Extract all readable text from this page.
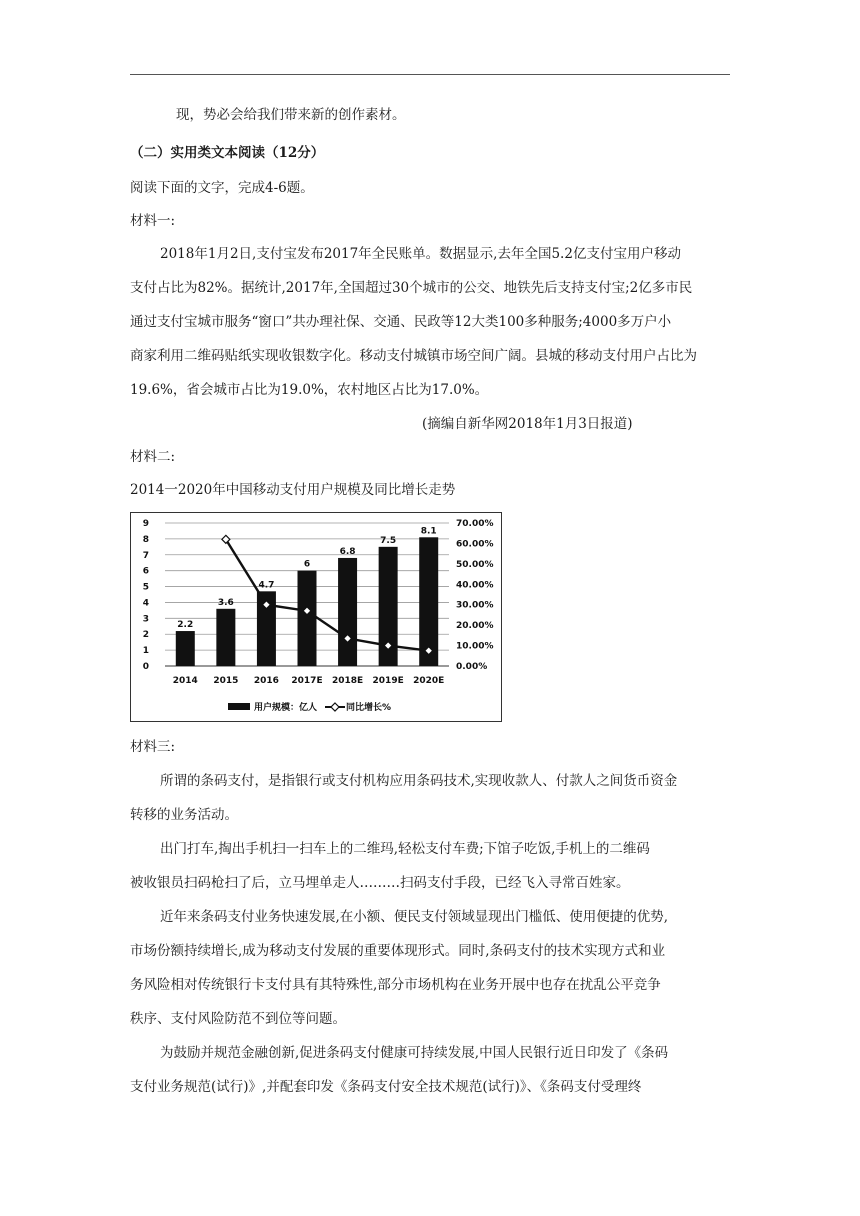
现，势必会给我们带来新的创作素材。
（二）实用类文本阅读（12分）
阅读下面的文字，完成4-6题。
材料一:
2018年1月2日,支付宝发布2017年全民账单。数据显示,去年全国5.2亿支付宝用户移动
支付占比为82%。据统计,2017年,全国超过30个城市的公交、地铁先后支持支付宝;2亿多市民
通过支付宝城市服务“窗口”共办理社保、交通、民政等12大类100多种服务;4000多万户小
商家利用二维码贴纸实现收银数字化。移动支付城镇市场空间广阔。县城的移动支付用户占比为
19.6%，省会城市占比为19.0%，农村地区占比为17.0%。
(摘编自新华网2018年1月3日报道)
材料二:
2014一2020年中国移动支付用户规模及同比增长走势
0
1
2
3
4
5
6
7
8
9
0.00%
10.00%
20.00%
30.00%
40.00%
50.00%
60.00%
70.00%
2.2
2014
3.6
2015
4.7
2016
6
2017E
6.8
2018E
7.5
2019E
8.1
2020E
用户规模：亿人	同比增长%
材料三:
所谓的条码支付，是指银行或支付机构应用条码技术,实现收款人、付款人之间货币资金
转移的业务活动。
出门打车,掏出手机扫一扫车上的二维玛,轻松支付车费;下馆子吃饭,手机上的二维码
被收银员扫码枪扫了后，立马埋单走人………扫码支付手段，已经飞入寻常百姓家。
近年来条码支付业务快速发展,在小额、便民支付领域显现出门槛低、使用便捷的优势,
市场份额持续增长,成为移动支付发展的重要体现形式。同时,条码支付的技术实现方式和业
务风险相对传统银行卡支付具有其特殊性,部分市场机构在业务开展中也存在扰乱公平竞争
秩序、支付风险防范不到位等问题。
为鼓励并规范金融创新,促进条码支付健康可持续发展,中国人民银行近日印发了《条码
支付业务规范(试行)》,并配套印发《条码支付安全技术规范(试行)》、《条码支付受理终
